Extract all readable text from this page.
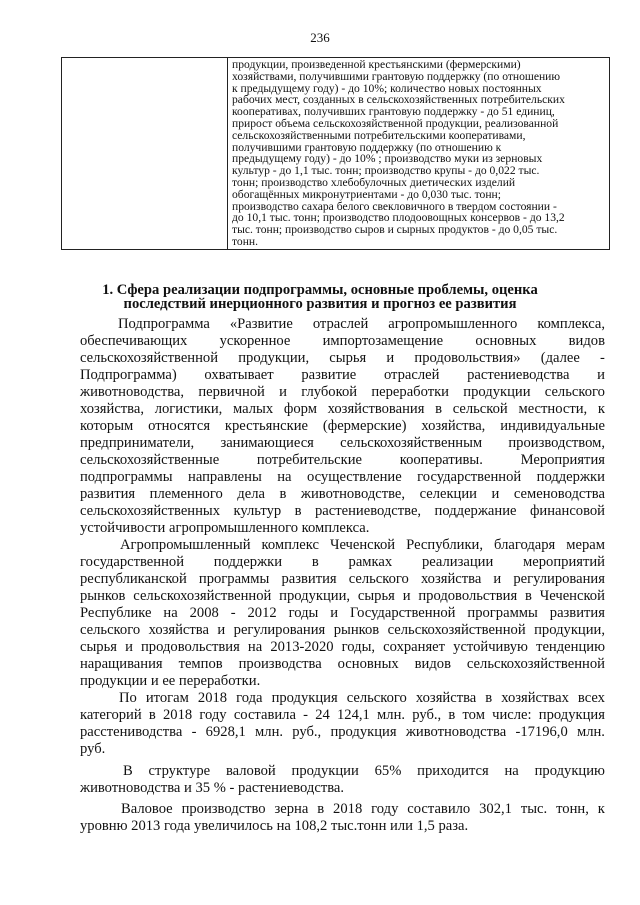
236

продукции, произведенной крестьянскими (фермерскими)
хозяйствами, получившими грантовую поддержку (по отношению
к предыдущему году) - до 10%; количество новых постоянных
рабочих мест, созданных в сельскохозяйственных потребительских
кооперативах, получивших грантовую поддержку - до 51 единиц,
прирост объема сельскохозяйственной продукции, реализованной
сельскохозяйственными потребительскими кооперативами,
получившими грантовую поддержку (по отношению к
предыдущему году) - до 10% ; производство муки из зерновых
культур - до 1,1 тыс. тонн; производство крупы - до 0,022 тыс.
тонн; производство хлебобулочных диетических изделий
обогащённых микронутриентами - до 0,030 тыс. тонн;
производство сахара белого свекловичного в твердом состоянии -
до 10,1 тыс. тонн; производство плодоовощных консервов - до 13,2
тыс. тонн; производство сыров и сырных продуктов - до 0,05 тыс.
тонн.
1. Сфера реализации подпрограммы, основные проблемы, оценка
последствий инерционного развития и прогноз ее развития
Подпрограмма «Развитие отраслей агропромышленного комплекса,
обеспечивающих ускоренное импортозамещение основных видов
сельскохозяйственной продукции, сырья и продовольствия» (далее -
Подпрограмма) охватывает развитие отраслей растениеводства и
животноводства, первичной и глубокой переработки продукции сельского
хозяйства, логистики, малых форм хозяйствования в сельской местности, к
которым относятся крестьянские (фермерские) хозяйства, индивидуальные
предприниматели, занимающиеся сельскохозяйственным производством,
сельскохозяйственные	потребительские	кооперативы.	Мероприятия
подпрограммы направлены на осуществление государственной поддержки
развития племенного дела в животноводстве, селекции и семеноводства
сельскохозяйственных культур в растениеводстве, поддержание финансовой
устойчивости агропромышленного комплекса.
Агропромышленный комплекс Чеченской Республики, благодаря мерам
государственной поддержки в рамках реализации мероприятий
республиканской программы развития сельского хозяйства и регулирования
рынков сельскохозяйственной продукции, сырья и продовольствия в Чеченской
Республике на 2008 - 2012 годы и Государственной программы развития
сельского хозяйства и регулирования рынков сельскохозяйственной продукции,
сырья и продовольствия на 2013-2020 годы, сохраняет устойчивую тенденцию
наращивания темпов производства основных видов сельскохозяйственной
продукции и ее переработки.
По итогам 2018 года продукция сельского хозяйства в хозяйствах всех
категорий в 2018 году составила - 24 124,1 млн. руб., в том числе: продукция
расстениводства - 6928,1 млн. руб., продукция животноводства -17196,0 млн.
руб.
В структуре валовой продукции 65% приходится на продукцию
животноводства и 35 % - растениеводства.
Валовое производство зерна в 2018 году составило 302,1 тыс. тонн, к
уровню 2013 года увеличилось на 108,2 тыс.тонн или 1,5 раза.
